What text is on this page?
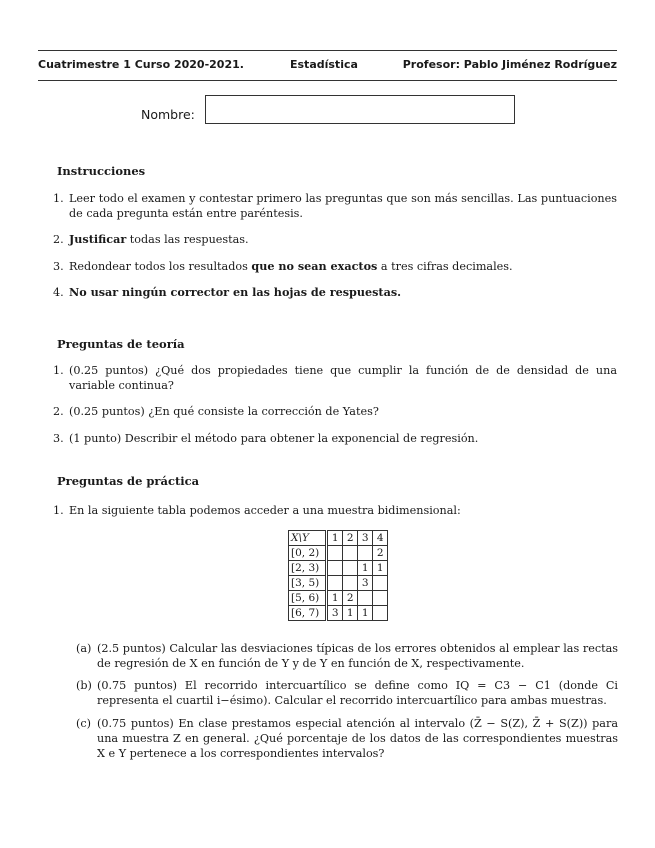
Cuatrimestre 1 Curso 2020-2021.	Estadística	Profesor: Pablo Jiménez Rodríguez
Nombre:
Instrucciones
1. Leer todo el examen y contestar primero las preguntas que son más sencillas. Las puntuaciones de cada pregunta están entre paréntesis.
2. Justificar todas las respuestas.
3. Redondear todos los resultados que no sean exactos a tres cifras decimales.
4. No usar ningún corrector en las hojas de respuestas.
Preguntas de teoría
1. (0.25 puntos) ¿Qué dos propiedades tiene que cumplir la función de de densidad de una variable continua?
2. (0.25 puntos) ¿En qué consiste la corrección de Yates?
3. (1 punto) Describir el método para obtener la exponencial de regresión.
Preguntas de práctica
1. En la siguiente tabla podemos acceder a una muestra bidimensional:
X\Y	1	2	3	4
[0, 2)				2
[2, 3)			1	1
[3, 5)			3	
[5, 6)	1	2		
[6, 7)	3	1	1	
(a) (2.5 puntos) Calcular las desviaciones típicas de los errores obtenidos al emplear las rectas de regresión de X en función de Y y de Y en función de X, respectivamente.
(b) (0.75 puntos) El recorrido intercuartílico se define como IQ = C3 − C1 (donde Ci representa el cuartil i−ésimo). Calcular el recorrido intercuartílico para ambas muestras.
(c) (0.75 puntos) En clase prestamos especial atención al intervalo (Z̄ − S(Z), Z̄ + S(Z)) para una muestra Z en general. ¿Qué porcentaje de los datos de las correspondientes muestras X e Y pertenece a los correspondientes intervalos?
